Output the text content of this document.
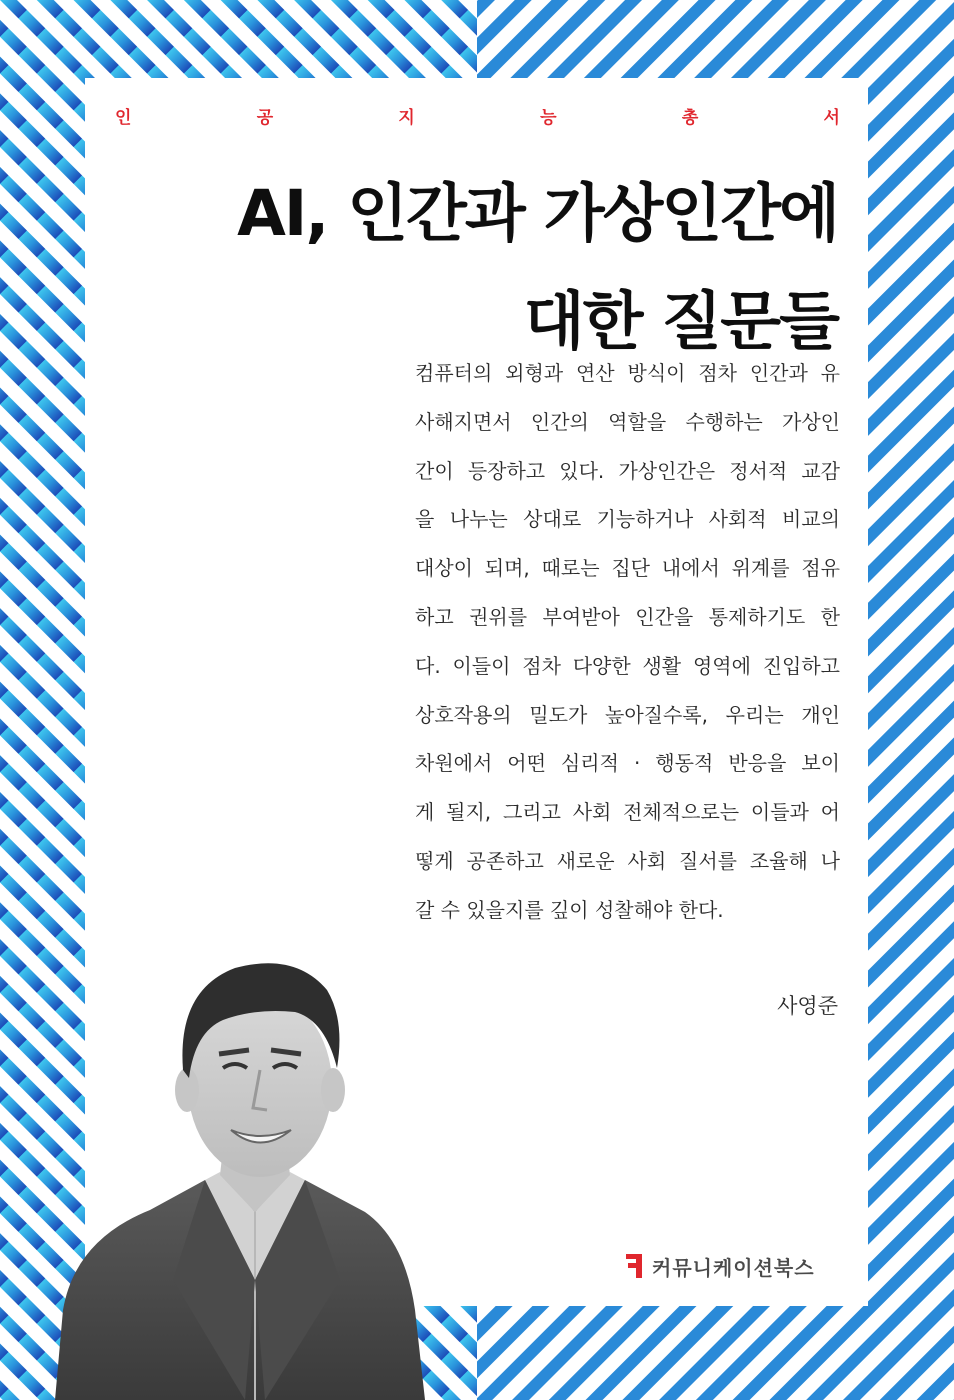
인	공	지	능	총	서
AI, 인간과 가상인간에
대한 질문들
컴퓨터의 외형과 연산 방식이 점차 인간과 유
사해지면서 인간의 역할을 수행하는 가상인
간이 등장하고 있다. 가상인간은 정서적 교감
을 나누는 상대로 기능하거나 사회적 비교의
대상이 되며, 때로는 집단 내에서 위계를 점유
하고 권위를 부여받아 인간을 통제하기도 한
다. 이들이 점차 다양한 생활 영역에 진입하고
상호작용의 밀도가 높아질수록, 우리는 개인
차원에서 어떤 심리적 · 행동적 반응을 보이
게 될지, 그리고 사회 전체적으로는 이들과 어
떻게 공존하고 새로운 사회 질서를 조율해 나
갈 수 있을지를 깊이 성찰해야 한다.
사영준
커뮤니케이션북스
